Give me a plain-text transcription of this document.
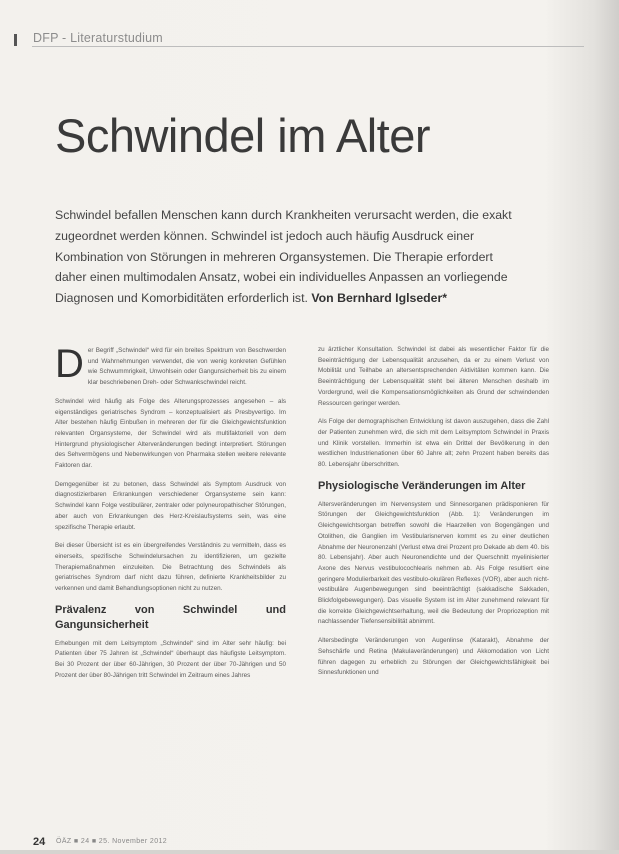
DFP - Literaturstudium
Schwindel im Alter
Schwindel befallen Menschen kann durch Krankheiten verursacht werden, die exakt zugeordnet werden können. Schwindel ist jedoch auch häufig Ausdruck einer Kombination von Störungen in mehreren Organsystemen. Die Therapie erfordert daher einen multimodalen Ansatz, wobei ein individuelles Anpassen an vorliegende Diagnosen und Komorbiditäten erforderlich ist. Von Bernhard Iglseder*

Der Begriff „Schwindel“ wird für ein breites Spektrum von Beschwerden und Wahrnehmungen verwendet, die von wenig konkreten Gefühlen wie Schwummrigkeit, Unwohlsein oder Gangunsicherheit bis zu einem klar beschriebenen Dreh- oder Schwankschwindel reicht.

Schwindel wird häufig als Folge des Alterungsprozesses angesehen – als eigenständiges geriatrisches Syndrom – konzeptualisiert als Presbyvertigo. Im Alter bestehen häufig Einbußen in mehreren der für die Gleichgewichtsfunktion relevanten Organsysteme, der Schwindel wird als multifaktoriell von dem Hintergrund physiologischer Alterveränderungen bedingt interpretiert. Störungen des Sehvermögens und Nebenwirkungen von Pharmaka stellen weitere relevante Faktoren dar.

Demgegenüber ist zu betonen, dass Schwindel als Symptom Ausdruck von diagnostizierbaren Erkrankungen verschiedener Organsysteme sein kann: Schwindel kann Folge vestibulärer, zentraler oder polyneuropathischer Störungen, aber auch von Erkrankungen des Herz-Kreislaufsystems sein, was eine spezifische Therapie erlaubt.

Bei dieser Übersicht ist es ein übergreifendes Verständnis zu vermitteln, dass es einerseits, spezifische Schwindelursachen zu identifizieren, um gezielte Therapiemaßnahmen einzuleiten. Die Betrachtung des Schwindels als geriatrisches Syndrom darf nicht dazu führen, definierte Krankheitsbilder zu verkennen und damit Behandlungsoptionen nicht zu nutzen.

Prävalenz von Schwindel und Gangunsicherheit

Erhebungen mit dem Leitsymptom „Schwindel“ sind im Alter sehr häufig: bei Patienten über 75 Jahren ist „Schwindel“ überhaupt das häufigste Leitsymptom. Bei 30 Prozent der über 60-Jährigen, 30 Prozent der über 70-Jährigen und 50 Prozent der über 80-Jährigen tritt Schwindel im Zeitraum eines Jahres

zu ärztlicher Konsultation. Schwindel ist dabei als wesentlicher Faktor für die Beeinträchtigung der Lebensqualität anzusehen, da er zu einem Verlust von Mobilität und Teilhabe an altersentsprechenden Aktivitäten kommen kann. Die Beeinträchtigung der Lebensqualität steht bei älteren Menschen deshalb im Vordergrund, weil die Kompensationsmöglichkeiten als Grund der schwindenden Ressourcen geringer werden.

Als Folge der demographischen Entwicklung ist davon auszugehen, dass die Zahl der Patienten zunehmen wird, die sich mit dem Leitsymptom Schwindel in Praxis und Klinik vorstellen. Immerhin ist etwa ein Drittel der Bevölkerung in den westlichen Industrienationen über 60 Jahre alt; zehn Prozent haben bereits das 80. Lebensjahr überschritten.

Physiologische Veränderungen im Alter

Altersveränderungen im Nervensystem und Sinnesorganen prädisponieren für Störungen der Gleichgewichtsfunktion (Abb. 1): Veränderungen im Gleichgewichtsorgan betreffen sowohl die Haarzellen von Bogengängen und Otolithen, die Ganglien im Vestibularisnerven kommt es zu einer deutlichen Abnahme der Neuronenzahl (Verlust etwa drei Prozent pro Dekade ab dem 40. bis 80. Lebensjahr). Aber auch Neuronendichte und der Querschnitt myelinisierter Axone des Nervus vestibulocochlearis nehmen ab. Als Folge resultiert eine geringere Modulierbarkeit des vestibulo-okulären Reflexes (VOR), aber auch nicht-vestibuläre Augenbewegungen sind beeinträchtigt (sakkadische Sakkaden, Blickfolgebewegungen). Das visuelle System ist im Alter zunehmend relevant für die korrekte Gleichgewichtserhaltung, weil die Bedeutung der Propriozeption mit nachlassender Tiefensensibilität abnimmt.

Altersbedingte Veränderungen von Augenlinse (Katarakt), Abnahme der Sehschärfe und Retina (Makulaveränderungen) und Akkomodation von Licht führen dagegen zu erheblich zu Störungen der Gleichgewichtsfähigkeit bei Sinnesfunktionen und

24 ÖÄZ ■ 24 ■ 25. November 2012
